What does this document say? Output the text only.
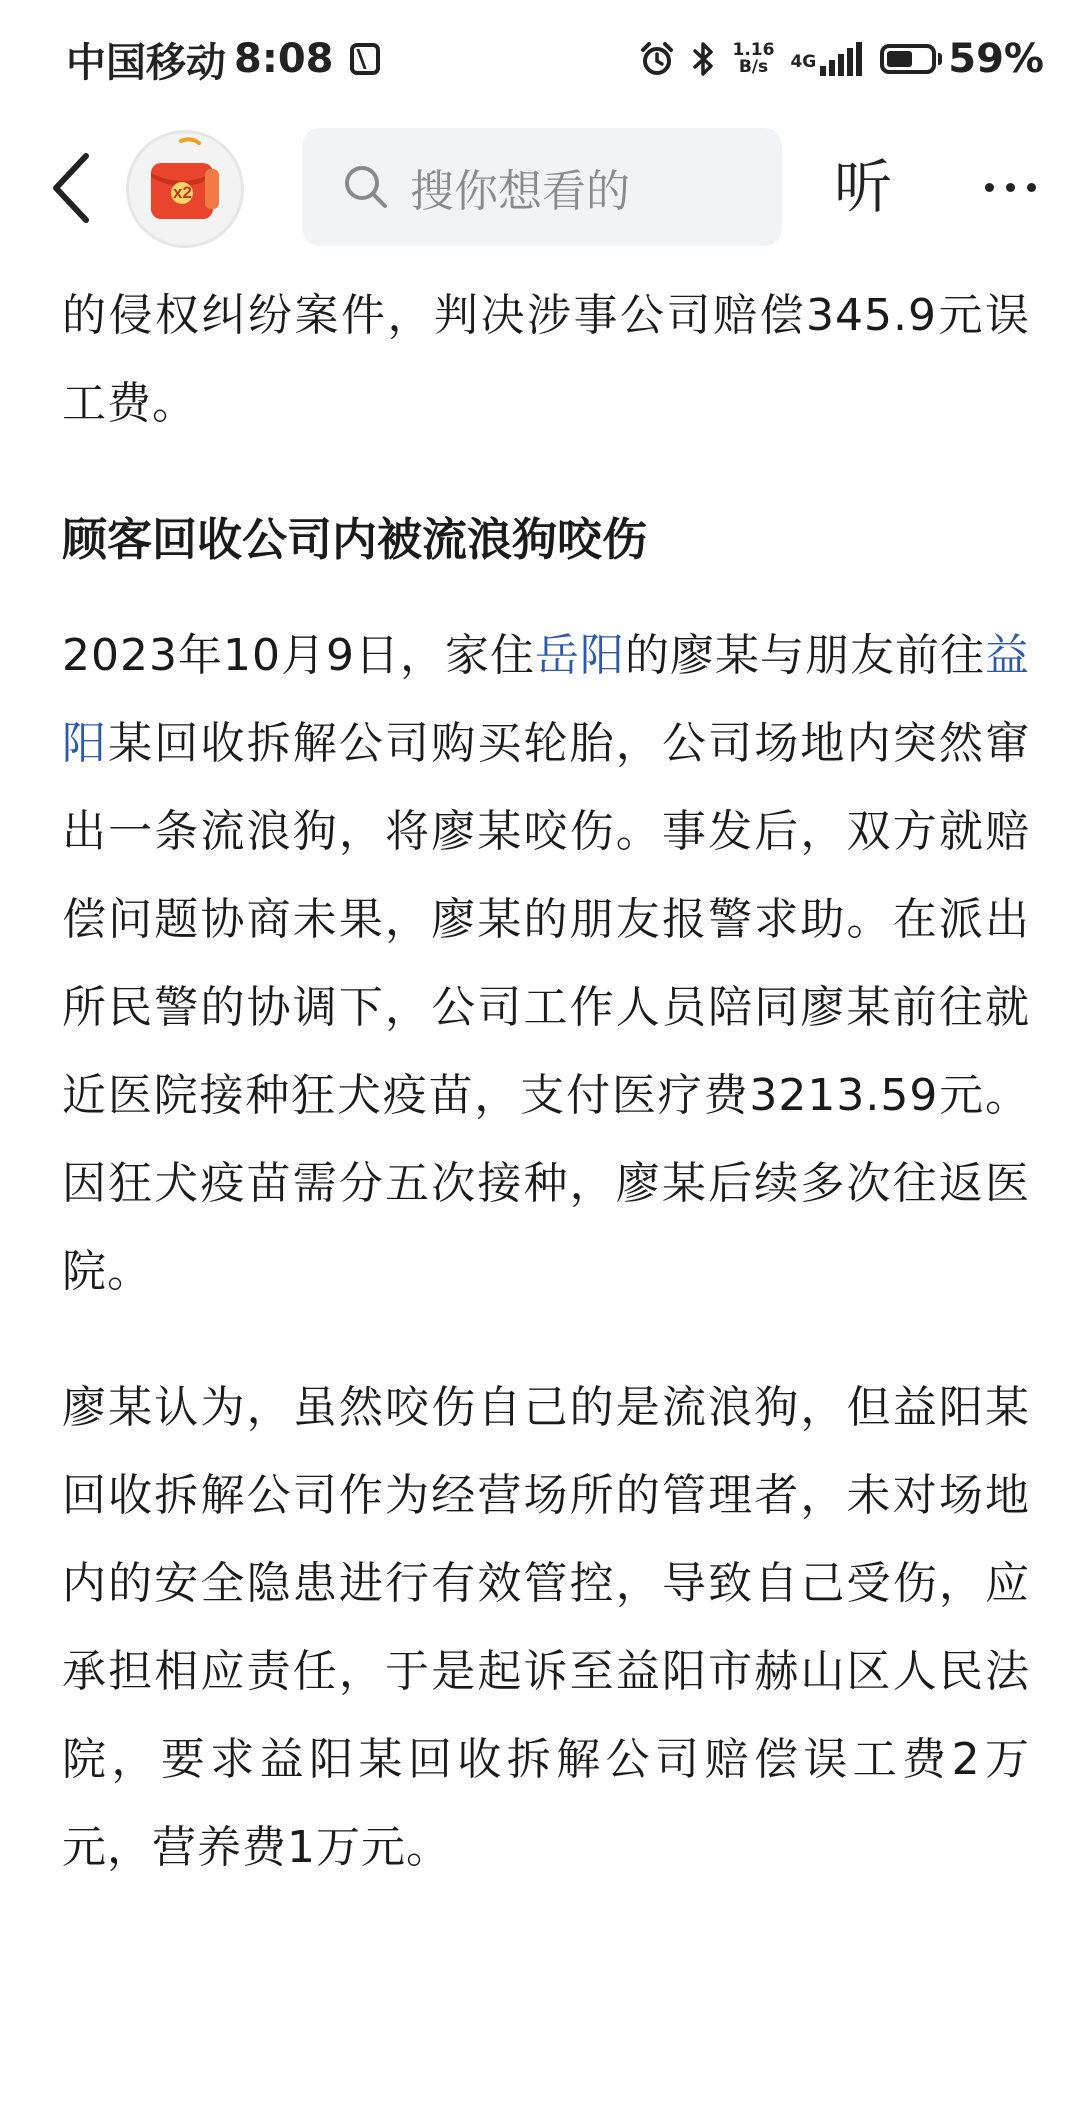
中国移动 8:08	1.16
B/s	4G	59%
x2	搜你想看的	听

的侵权纠纷案件，判决涉事公司赔偿345.9元误工费。

顾客回收公司内被流浪狗咬伤

2023年10月9日，家住岳阳的廖某与朋友前往益阳某回收拆解公司购买轮胎，公司场地内突然窜出一条流浪狗，将廖某咬伤。事发后，双方就赔偿问题协商未果，廖某的朋友报警求助。在派出所民警的协调下，公司工作人员陪同廖某前往就近医院接种狂犬疫苗，支付医疗费3213.59元。因狂犬疫苗需分五次接种，廖某后续多次往返医院。

廖某认为，虽然咬伤自己的是流浪狗，但益阳某回收拆解公司作为经营场所的管理者，未对场地内的安全隐患进行有效管控，导致自己受伤，应承担相应责任，于是起诉至益阳市赫山区人民法院，要求益阳某回收拆解公司赔偿误工费2万元，营养费1万元。
